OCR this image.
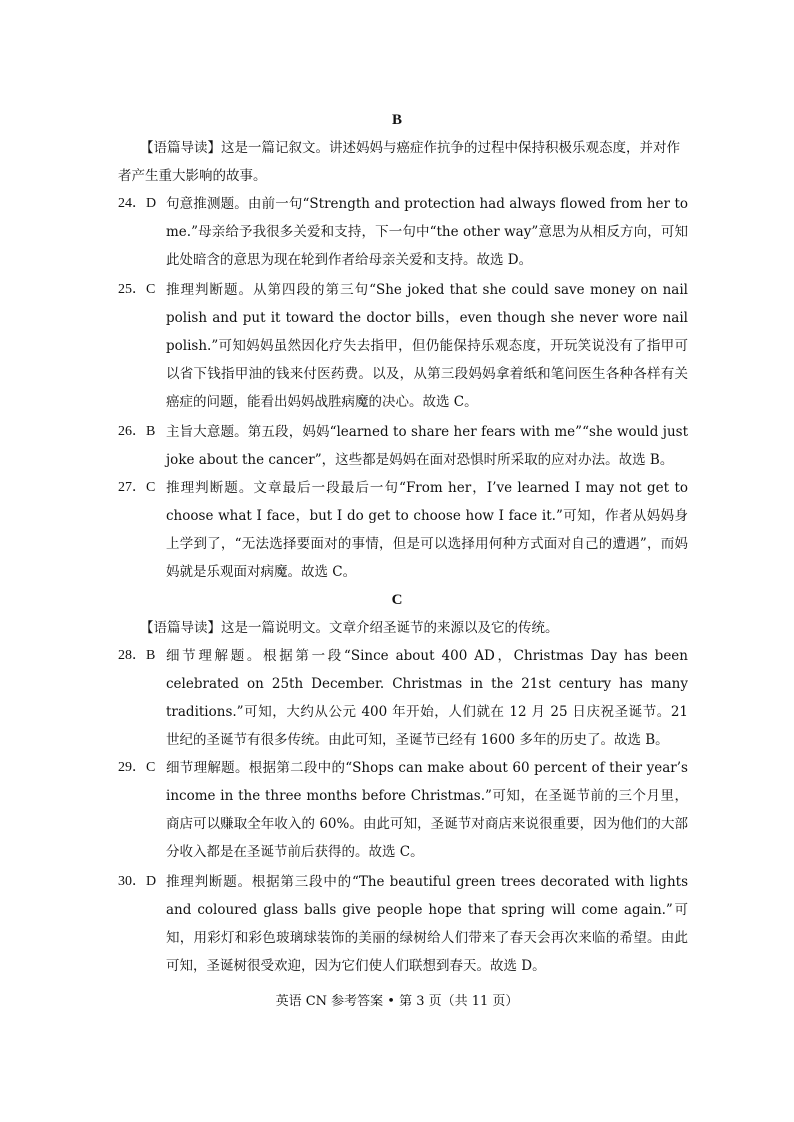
B
【语篇导读】这是一篇记叙文。讲述妈妈与癌症作抗争的过程中保持积极乐观态度，并对作者产生重大影响的故事。
24．D 句意推测题。由前一句“Strength and protection had always flowed from her to me.”母亲给予我很多关爱和支持，下一句中“the other way”意思为从相反方向，可知此处暗含的意思为现在轮到作者给母亲关爱和支持。故选 D。
25．C 推理判断题。从第四段的第三句“She joked that she could save money on nail polish and put it toward the doctor bills，even though she never wore nail polish.”可知妈妈虽然因化疗失去指甲，但仍能保持乐观态度，开玩笑说没有了指甲可以省下钱指甲油的钱来付医药费。以及，从第三段妈妈拿着纸和笔问医生各种各样有关癌症的问题，能看出妈妈战胜病魔的决心。故选 C。
26．B 主旨大意题。第五段，妈妈“learned to share her fears with me”“she would just joke about the cancer”，这些都是妈妈在面对恐惧时所采取的应对办法。故选 B。
27．C 推理判断题。文章最后一段最后一句“From her，I’ve learned I may not get to choose what I face，but I do get to choose how I face it.”可知，作者从妈妈身上学到了，“无法选择要面对的事情，但是可以选择用何种方式面对自己的遭遇”，而妈妈就是乐观面对病魔。故选 C。
C
【语篇导读】这是一篇说明文。文章介绍圣诞节的来源以及它的传统。
28．B 细节理解题。根据第一段“Since about 400 AD，Christmas Day has been celebrated on 25th December. Christmas in the 21st century has many traditions.”可知，大约从公元 400 年开始，人们就在 12 月 25 日庆祝圣诞节。21 世纪的圣诞节有很多传统。由此可知，圣诞节已经有 1600 多年的历史了。故选 B。
29．C 细节理解题。根据第二段中的“Shops can make about 60 percent of their year’s income in the three months before Christmas.”可知，在圣诞节前的三个月里，商店可以赚取全年收入的 60%。由此可知，圣诞节对商店来说很重要，因为他们的大部分收入都是在圣诞节前后获得的。故选 C。
30．D 推理判断题。根据第三段中的“The beautiful green trees decorated with lights and coloured glass balls give people hope that spring will come again.”可知，用彩灯和彩色玻璃球装饰的美丽的绿树给人们带来了春天会再次来临的希望。由此可知，圣诞树很受欢迎，因为它们使人们联想到春天。故选 D。
英语 CN 参考答案 • 第 3 页（共 11 页）
